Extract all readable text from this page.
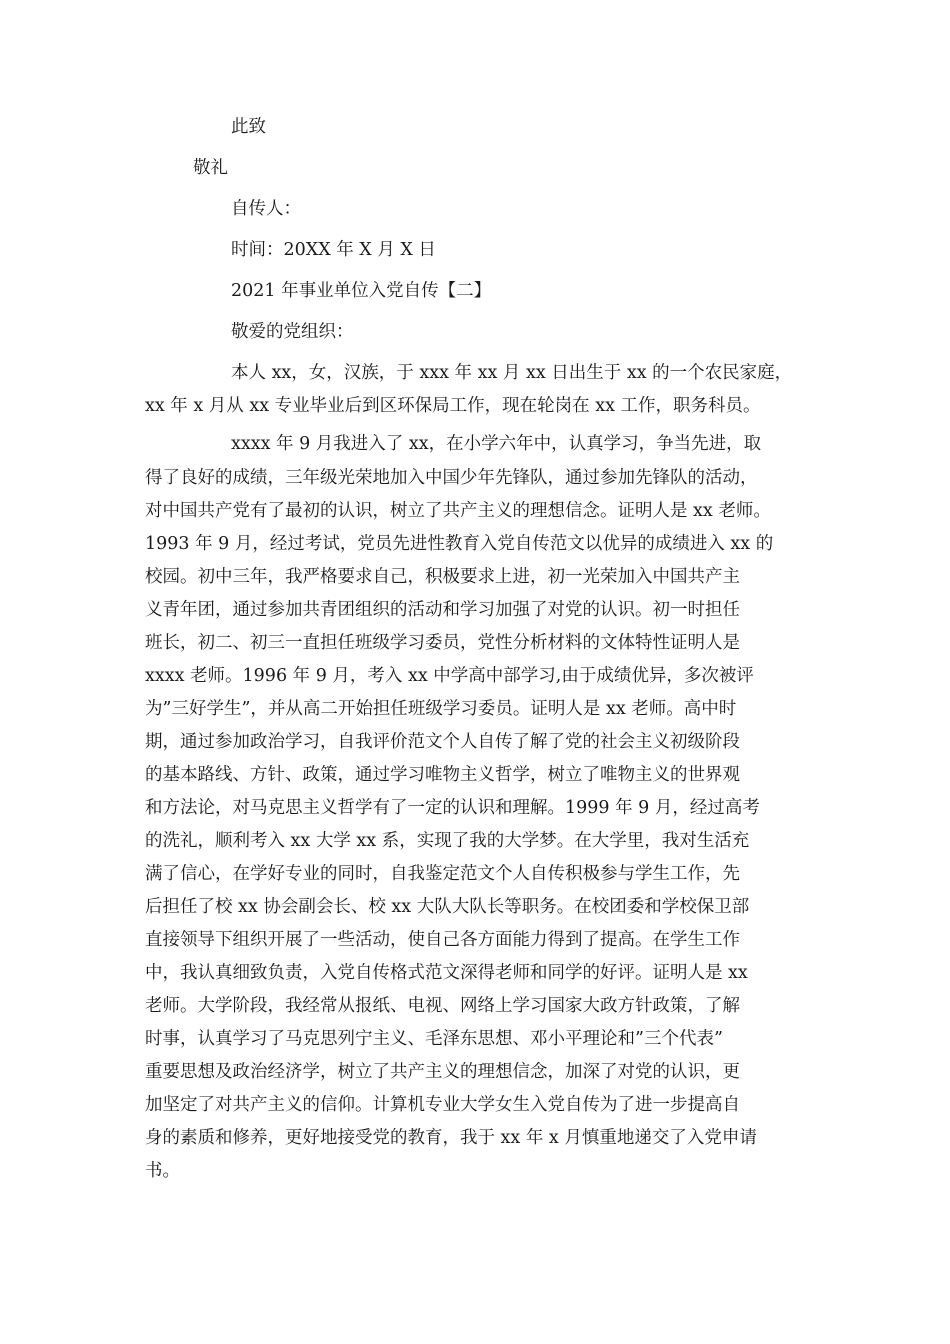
此致
敬礼
自传人：
时间：20XX 年 X 月 X 日
2021 年事业单位入党自传【二】
敬爱的党组织：
本人 xx，女，汉族，于 xxx 年 xx 月 xx 日出生于 xx 的一个农民家庭，
xx 年 x 月从 xx 专业毕业后到区环保局工作，现在轮岗在 xx 工作，职务科员。
xxxx 年 9 月我进入了 xx，在小学六年中，认真学习，争当先进，取
得了良好的成绩，三年级光荣地加入中国少年先锋队，通过参加先锋队的活动，
对中国共产党有了最初的认识，树立了共产主义的理想信念。证明人是 xx 老师。
1993 年 9 月，经过考试，党员先进性教育入党自传范文以优异的成绩进入 xx 的
校园。初中三年，我严格要求自己，积极要求上进，初一光荣加入中国共产主
义青年团，通过参加共青团组织的活动和学习加强了对党的认识。初一时担任
班长，初二、初三一直担任班级学习委员，党性分析材料的文体特性证明人是
xxxx 老师。1996 年 9 月，考入 xx 中学高中部学习,由于成绩优异，多次被评
为”三好学生”，并从高二开始担任班级学习委员。证明人是 xx 老师。高中时
期，通过参加政治学习，自我评价范文个人自传了解了党的社会主义初级阶段
的基本路线、方针、政策，通过学习唯物主义哲学，树立了唯物主义的世界观
和方法论，对马克思主义哲学有了一定的认识和理解。1999 年 9 月，经过高考
的洗礼，顺利考入 xx 大学 xx 系，实现了我的大学梦。在大学里，我对生活充
满了信心，在学好专业的同时，自我鉴定范文个人自传积极参与学生工作，先
后担任了校 xx 协会副会长、校 xx 大队大队长等职务。在校团委和学校保卫部
直接领导下组织开展了一些活动，使自己各方面能力得到了提高。在学生工作
中，我认真细致负责，入党自传格式范文深得老师和同学的好评。证明人是 xx
老师。大学阶段，我经常从报纸、电视、网络上学习国家大政方针政策，了解
时事，认真学习了马克思列宁主义、毛泽东思想、邓小平理论和”三个代表”
重要思想及政治经济学，树立了共产主义的理想信念，加深了对党的认识，更
加坚定了对共产主义的信仰。计算机专业大学女生入党自传为了进一步提高自
身的素质和修养，更好地接受党的教育，我于 xx 年 x 月慎重地递交了入党申请
书。
